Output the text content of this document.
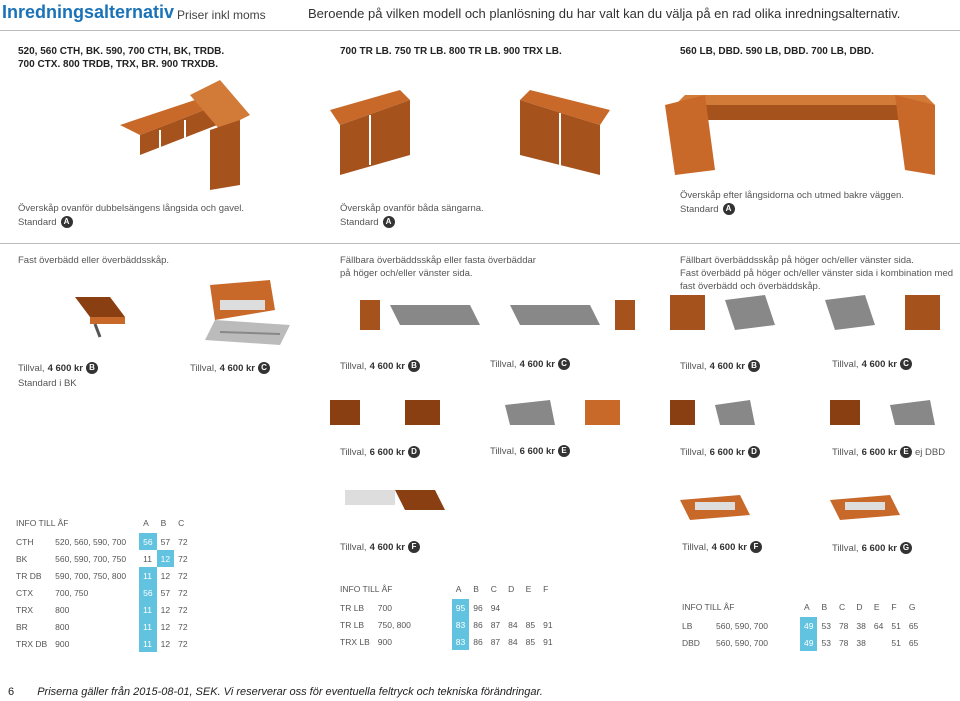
Inredningsalternativ Priser inkl moms	Beroende på vilken modell och planlösning du har valt kan du välja på en rad olika inredningsalternativ.
520, 560 CTH, BK. 590, 700 CTH, BK, TRDB.
700 CTX. 800 TRDB, TRX, BR. 900 TRXDB.
700 TR LB. 750 TR LB. 800 TR LB. 900 TRX LB.	560 LB, DBD. 590 LB, DBD. 700 LB, DBD.
Överskåp ovanför dubbelsängens långsida och gavel.
Standard A
Överskåp ovanför båda sängarna.
Standard A
Överskåp efter långsidorna och utmed bakre väggen.
Standard A
Fast överbädd eller överbäddsskåp.	Fällbara överbäddsskåp eller fasta överbäddar
på höger och/eller vänster sida.
Fällbart överbäddsskåp på höger och/eller vänster sida.
Fast överbädd på höger och/eller vänster sida i kombination med
fast överbädd och överbäddskåp.
Tillval, 4 600 kr B
Standard i BK
Tillval, 4 600 kr C	Tillval, 4 600 kr B	Tillval, 4 600 kr C	Tillval, 4 600 kr B	Tillval, 4 600 kr C
Tillval, 6 600 kr D	Tillval, 6 600 kr E	Tillval, 6 600 kr D	Tillval, 6 600 kr E ej DBD
Tillval, 4 600 kr F	Tillval, 4 600 kr F	Tillval, 6 600 kr G
INFO TILL ÅF		A	B	C
CTH	520, 560, 590, 700	56	57	72
BK	560, 590, 700, 750	11	12	72
TR DB	590, 700, 750, 800	11	12	72
CTX	700, 750	56	57	72
TRX	800	11	12	72
BR	800	11	12	72
TRX DB	900	11	12	72
INFO TILL ÅF		A	B	C	D	E	F
TR LB	700	95	96	94			
TR LB	750, 800	83	86	87	84	85	91
TRX LB	900	83	86	87	84	85	91
INFO TILL ÅF		A	B	C	D	E	F	G
LB	560, 590, 700	49	53	78	38	64	51	65
DBD	560, 590, 700	49	53	78	38		51	65
6 Priserna gäller från 2015-08-01, SEK. Vi reserverar oss för eventuella feltryck och tekniska förändringar.
